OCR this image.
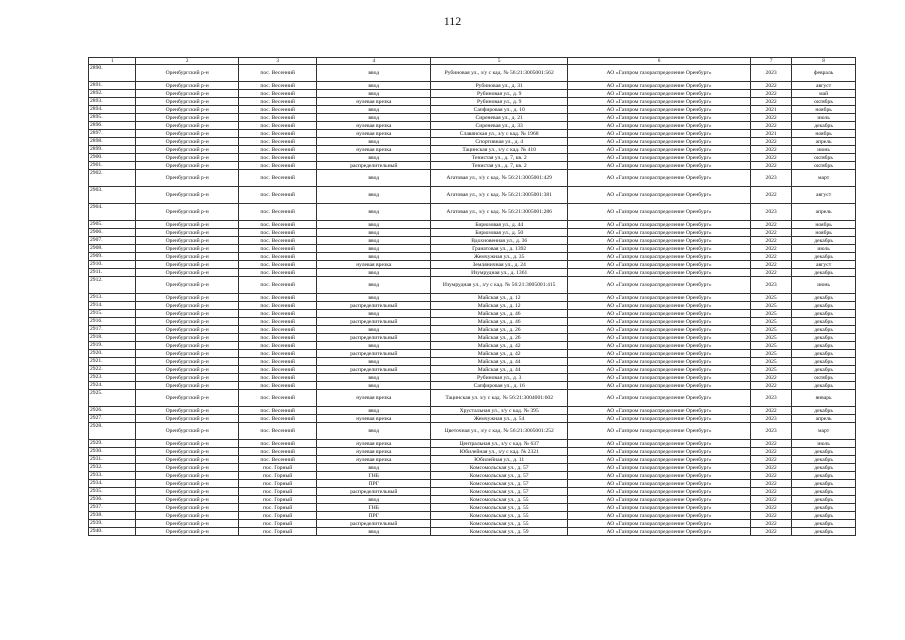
112
1	2	3	4	5	6	7	8
2890.	Оренбургский р-н	пос. Весенний	ввод	Рубиновая ул., з/у с кад. № 56:21:3005001:562	АО «Газпром газораспределение Оренбург»	2023	февраль
2891.	Оренбургский р-н	пос. Весенний	ввод	Рубиновая ул., д. 31	АО «Газпром газораспределение Оренбург»	2022	август
2892.	Оренбургский р-н	пос. Весенний	ввод	Рубиновая ул., д. 9	АО «Газпром газораспределение Оренбург»	2022	май
2893.	Оренбургский р-н	пос. Весенний	нулевая врезка	Рубиновая ул., д. 9	АО «Газпром газораспределение Оренбург»	2022	октябрь
2894.	Оренбургский р-н	пос. Весенний	ввод	Сапфировая ул., д. 10	АО «Газпром газораспределение Оренбург»	2021	ноябрь
2895.	Оренбургский р-н	пос. Весенний	ввод	Сиреневая ул., д. 21	АО «Газпром газораспределение Оренбург»	2022	июль
2896.	Оренбургский р-н	пос. Весенний	нулевая врезка	Сиреневая ул., д. 33	АО «Газпром газораспределение Оренбург»	2022	декабрь
2897.	Оренбургский р-н	пос. Весенний	нулевая врезка	Славянская ул., з/у с кад. № 1968	АО «Газпром газораспределение Оренбург»	2021	ноябрь
2898.	Оренбургский р-н	пос. Весенний	ввод	Спортивная ул., д. 4	АО «Газпром газораспределение Оренбург»	2022	апрель
2899.	Оренбургский р-н	пос. Весенний	нулевая врезка	Тацинская ул., з/у с кад. № 410	АО «Газпром газораспределение Оренбург»	2022	июнь
2900.	Оренбургский р-н	пос. Весенний	ввод	Тенистая ул., д. 7, кв. 2	АО «Газпром газораспределение Оренбург»	2022	октябрь
2901.	Оренбургский р-н	пос. Весенний	распределительный	Тенистая ул., д. 7, кв. 2	АО «Газпром газораспределение Оренбург»	2022	октябрь
2902.	Оренбургский р-н	пос. Весенний	ввод	Агатовая ул., з/у с кад. № 56:21:3005001:429	АО «Газпром газораспределение Оренбург»	2023	март
2903.	Оренбургский р-н	пос. Весенний	ввод	Агатовая ул., з/у с кад. № 56:21:3005001:381	АО «Газпром газораспределение Оренбург»	2022	август
2904.	Оренбургский р-н	пос. Весенний	ввод	Агатовая ул., з/у с кад. № 56:21:3005001:286	АО «Газпром газораспределение Оренбург»	2023	апрель
2905.	Оренбургский р-н	пос. Весенний	ввод	Бирюзовая ул., д. 44	АО «Газпром газораспределение Оренбург»	2022	ноябрь
2906.	Оренбургский р-н	пос. Весенний	ввод	Бирюзовая ул., д. 50	АО «Газпром газораспределение Оренбург»	2022	ноябрь
2907.	Оренбургский р-н	пос. Весенний	ввод	Вдохновенная ул., д. 36	АО «Газпром газораспределение Оренбург»	2022	декабрь
2908.	Оренбургский р-н	пос. Весенний	ввод	Гранатовая ул., д. 1392	АО «Газпром газораспределение Оренбург»	2022	июль
2909.	Оренбургский р-н	пос. Весенний	ввод	Жемчужная ул., д. 35	АО «Газпром газораспределение Оренбург»	2022	декабрь
2910.	Оренбургский р-н	пос. Весенний	нулевая врезка	Земляничная ул., д. 24	АО «Газпром газораспределение Оренбург»	2022	август
2911.	Оренбургский р-н	пос. Весенний	ввод	Изумрудная ул., д. 1361	АО «Газпром газораспределение Оренбург»	2022	декабрь
2912.	Оренбургский р-н	пос. Весенний	ввод	Изумрудная ул., з/у с кад. № 56:21:3005001:415	АО «Газпром газораспределение Оренбург»	2023	июнь
2913.	Оренбургский р-н	пос. Весенний	ввод	Майская ул., д. 12	АО «Газпром газораспределение Оренбург»	2025	декабрь
2914.	Оренбургский р-н	пос. Весенний	распределительный	Майская ул., д. 12	АО «Газпром газораспределение Оренбург»	2025	декабрь
2915.	Оренбургский р-н	пос. Весенний	ввод	Майская ул., д. 46	АО «Газпром газораспределение Оренбург»	2025	декабрь
2916.	Оренбургский р-н	пос. Весенний	распределительный	Майская ул., д. 46	АО «Газпром газораспределение Оренбург»	2025	декабрь
2917.	Оренбургский р-н	пос. Весенний	ввод	Майская ул., д. 26	АО «Газпром газораспределение Оренбург»	2025	декабрь
2918.	Оренбургский р-н	пос. Весенний	распределительный	Майская ул., д. 26	АО «Газпром газораспределение Оренбург»	2025	декабрь
2919.	Оренбургский р-н	пос. Весенний	ввод	Майская ул., д. 42	АО «Газпром газораспределение Оренбург»	2025	декабрь
2920.	Оренбургский р-н	пос. Весенний	распределительный	Майская ул., д. 42	АО «Газпром газораспределение Оренбург»	2025	декабрь
2921.	Оренбургский р-н	пос. Весенний	ввод	Майская ул., д. 44	АО «Газпром газораспределение Оренбург»	2025	декабрь
2922.	Оренбургский р-н	пос. Весенний	распределительный	Майская ул., д. 44	АО «Газпром газораспределение Оренбург»	2025	декабрь
2923.	Оренбургский р-н	пос. Весенний	ввод	Рубиновая ул., д. 3	АО «Газпром газораспределение Оренбург»	2022	октябрь
2924.	Оренбургский р-н	пос. Весенний	ввод	Сапфировая ул., д. 16	АО «Газпром газораспределение Оренбург»	2022	декабрь
2925.	Оренбургский р-н	пос. Весенний	нулевая врезка	Тацинская ул. з/у с кад. № 56:21:3004001:602	АО «Газпром газораспределение Оренбург»	2023	январь
2926.	Оренбургский р-н	пос. Весенний	ввод	Хрустальная ул., з/у с кад. № 395	АО «Газпром газораспределение Оренбург»	2022	декабрь
2927.	Оренбургский р-н	пос. Весенний	нулевая врезка	Жемчужная ул., д. 54	АО «Газпром газораспределение Оренбург»	2023	апрель
2928.	Оренбургский р-н	пос. Весенний	ввод	Цветочная ул., з/у с кад. № 56:21:3005001:252	АО «Газпром газораспределение Оренбург»	2023	март
2929.	Оренбургский р-н	пос. Весенний	нулевая врезка	Центральная ул., з/у с кад. № 637	АО «Газпром газораспределение Оренбург»	2022	июль
2930.	Оренбургский р-н	пос. Весенний	нулевая врезка	Юбилейная ул., з/у с кад. № 2321	АО «Газпром газораспределение Оренбург»	2022	декабрь
2931.	Оренбургский р-н	пос. Весенний	нулевая врезка	Юбилейная ул., д. 11	АО «Газпром газораспределение Оренбург»	2022	декабрь
2932.	Оренбургский р-н	пос. Горный	ввод	Комсомольская ул., д. 57	АО «Газпром газораспределение Оренбург»	2022	декабрь
2933.	Оренбургский р-н	пос. Горный	ГНБ	Комсомольская ул., д. 57	АО «Газпром газораспределение Оренбург»	2022	декабрь
2934.	Оренбургский р-н	пос. Горный	ПРГ	Комсомольская ул., д. 57	АО «Газпром газораспределение Оренбург»	2022	декабрь
2935.	Оренбургский р-н	пос. Горный	распределительный	Комсомольская ул., д. 57	АО «Газпром газораспределение Оренбург»	2022	декабрь
2936.	Оренбургский р-н	пос. Горный	ввод	Комсомольская ул., д. 55	АО «Газпром газораспределение Оренбург»	2022	декабрь
2937.	Оренбургский р-н	пос. Горный	ГНБ	Комсомольская ул., д. 55	АО «Газпром газораспределение Оренбург»	2022	декабрь
2938.	Оренбургский р-н	пос. Горный	ПРГ	Комсомольская ул., д. 55	АО «Газпром газораспределение Оренбург»	2022	декабрь
2939.	Оренбургский р-н	пос. Горный	распределительный	Комсомольская ул., д. 55	АО «Газпром газораспределение Оренбург»	2022	декабрь
2940.	Оренбургский р-н	пос. Горный	ввод	Комсомольская ул., д. 59	АО «Газпром газораспределение Оренбург»	2022	декабрь
